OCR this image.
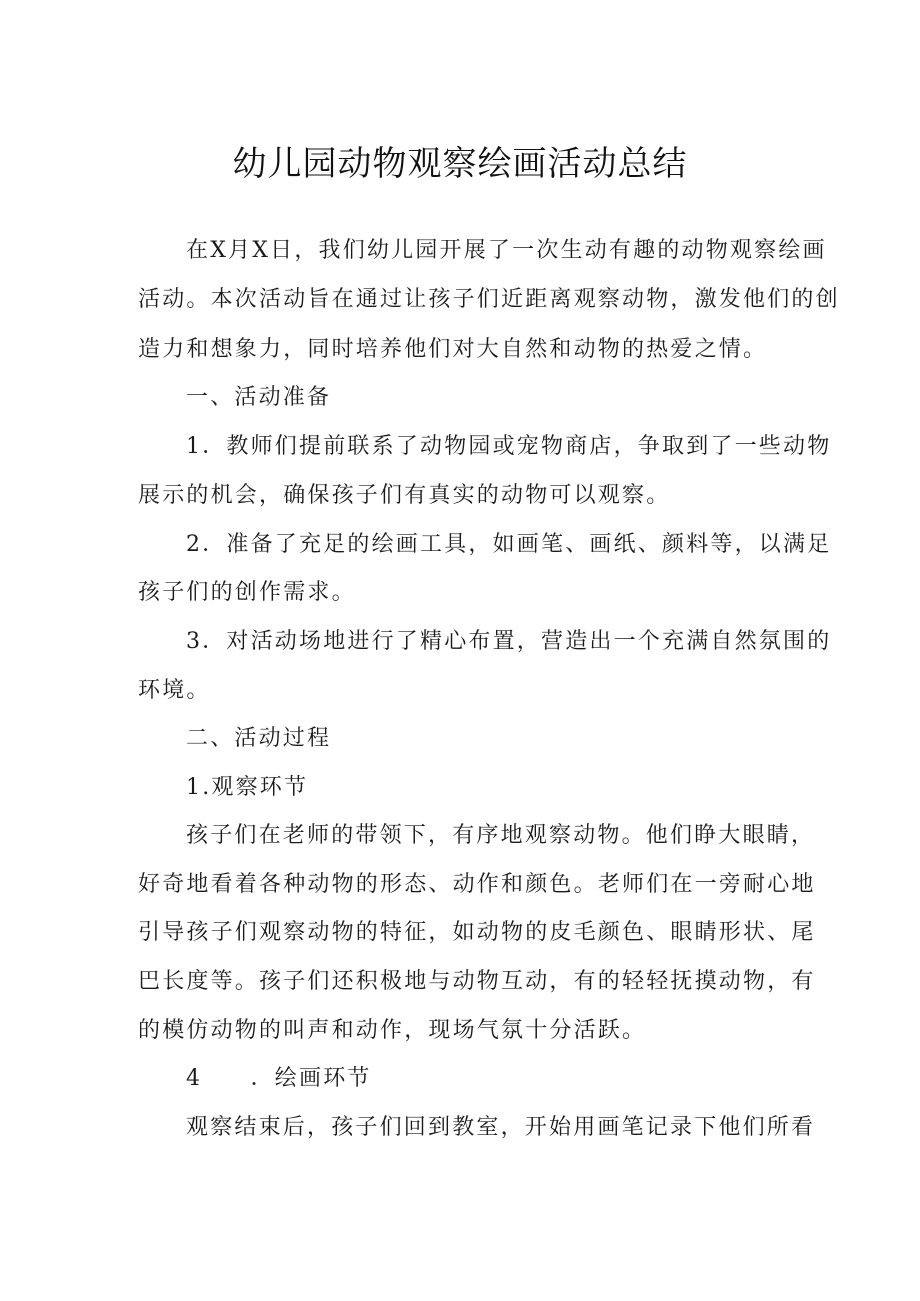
幼儿园动物观察绘画活动总结
在X月X日，我们幼儿园开展了一次生动有趣的动物观察绘画
活动。本次活动旨在通过让孩子们近距离观察动物，激发他们的创
造力和想象力，同时培养他们对大自然和动物的热爱之情。
一、活动准备
1．教师们提前联系了动物园或宠物商店，争取到了一些动物
展示的机会，确保孩子们有真实的动物可以观察。
2．准备了充足的绘画工具，如画笔、画纸、颜料等，以满足
孩子们的创作需求。
3．对活动场地进行了精心布置，营造出一个充满自然氛围的
环境。
二、活动过程
1.观察环节
孩子们在老师的带领下，有序地观察动物。他们睁大眼睛，
好奇地看着各种动物的形态、动作和颜色。老师们在一旁耐心地
引导孩子们观察动物的特征，如动物的皮毛颜色、眼睛形状、尾
巴长度等。孩子们还积极地与动物互动，有的轻轻抚摸动物，有
的模仿动物的叫声和动作，现场气氛十分活跃。
4　　．绘画环节
观察结束后，孩子们回到教室，开始用画笔记录下他们所看
